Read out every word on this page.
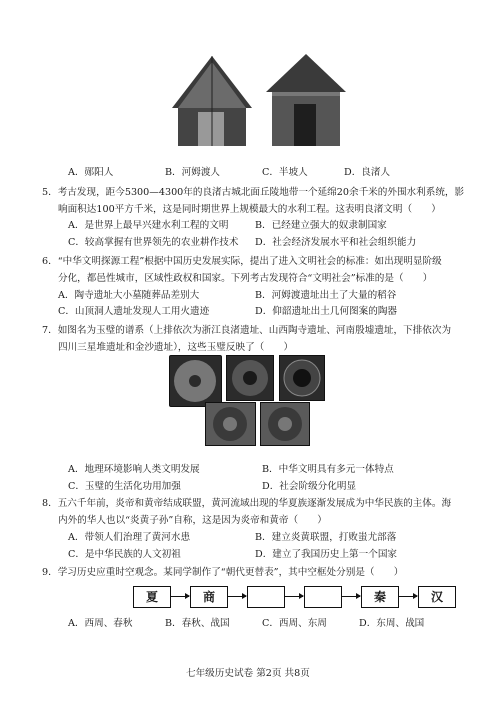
A．郧阳人	B．河姆渡人	C．半坡人	D．良渚人
5．考古发现，距今5300—4300年的良渚古城北面丘陵地带一个延绵20余千米的外围水利系统，影
响面积达100平方千米，这是同时期世界上规模最大的水利工程。这表明良渚文明（　　）
A．是世界上最早兴建水利工程的文明	B．已经建立强大的奴隶制国家
C．较高掌握有世界领先的农业耕作技术 D．社会经济发展水平和社会组织能力
6．“中华文明探源工程”根据中国历史发展实际，提出了进入文明社会的标准：如出现明显阶级
分化，都邑性城市，区域性政权和国家。下列考古发现符合“文明社会”标准的是（　　）
A．陶寺遗址大小墓随葬品差别大	B．河姆渡遗址出土了大量的稻谷
C．山顶洞人遗址发现人工用火遗迹	D．仰韶遗址出土几何图案的陶器
7．如图名为玉璧的谱系（上排依次为浙江良渚遗址、山西陶寺遗址、河南殷墟遗址，下排依次为
四川三星堆遗址和金沙遗址），这些玉璧反映了（　　）
A．地理环境影响人类文明发展	B．中华文明具有多元一体特点
C．玉璧的生活化功用加强	D．社会阶级分化明显
8．五六千年前，炎帝和黄帝结成联盟，黄河流域出现的华夏族逐渐发展成为中华民族的主体。海
内外的华人也以“炎黄子孙”自称，这是因为炎帝和黄帝（　　）
A．带领人们治理了黄河水患	B．建立炎黄联盟，打败蚩尤部落
C．是中华民族的人文初祖	D．建立了我国历史上第一个国家
9．学习历史应重时空观念。某同学制作了“朝代更替表”，其中空框处分别是（　　）
夏	商	秦	汉
A．西周、春秋	B．春秋、战国	C．西周、东周	D．东周、战国
七年级历史试卷 第2页 共8页
